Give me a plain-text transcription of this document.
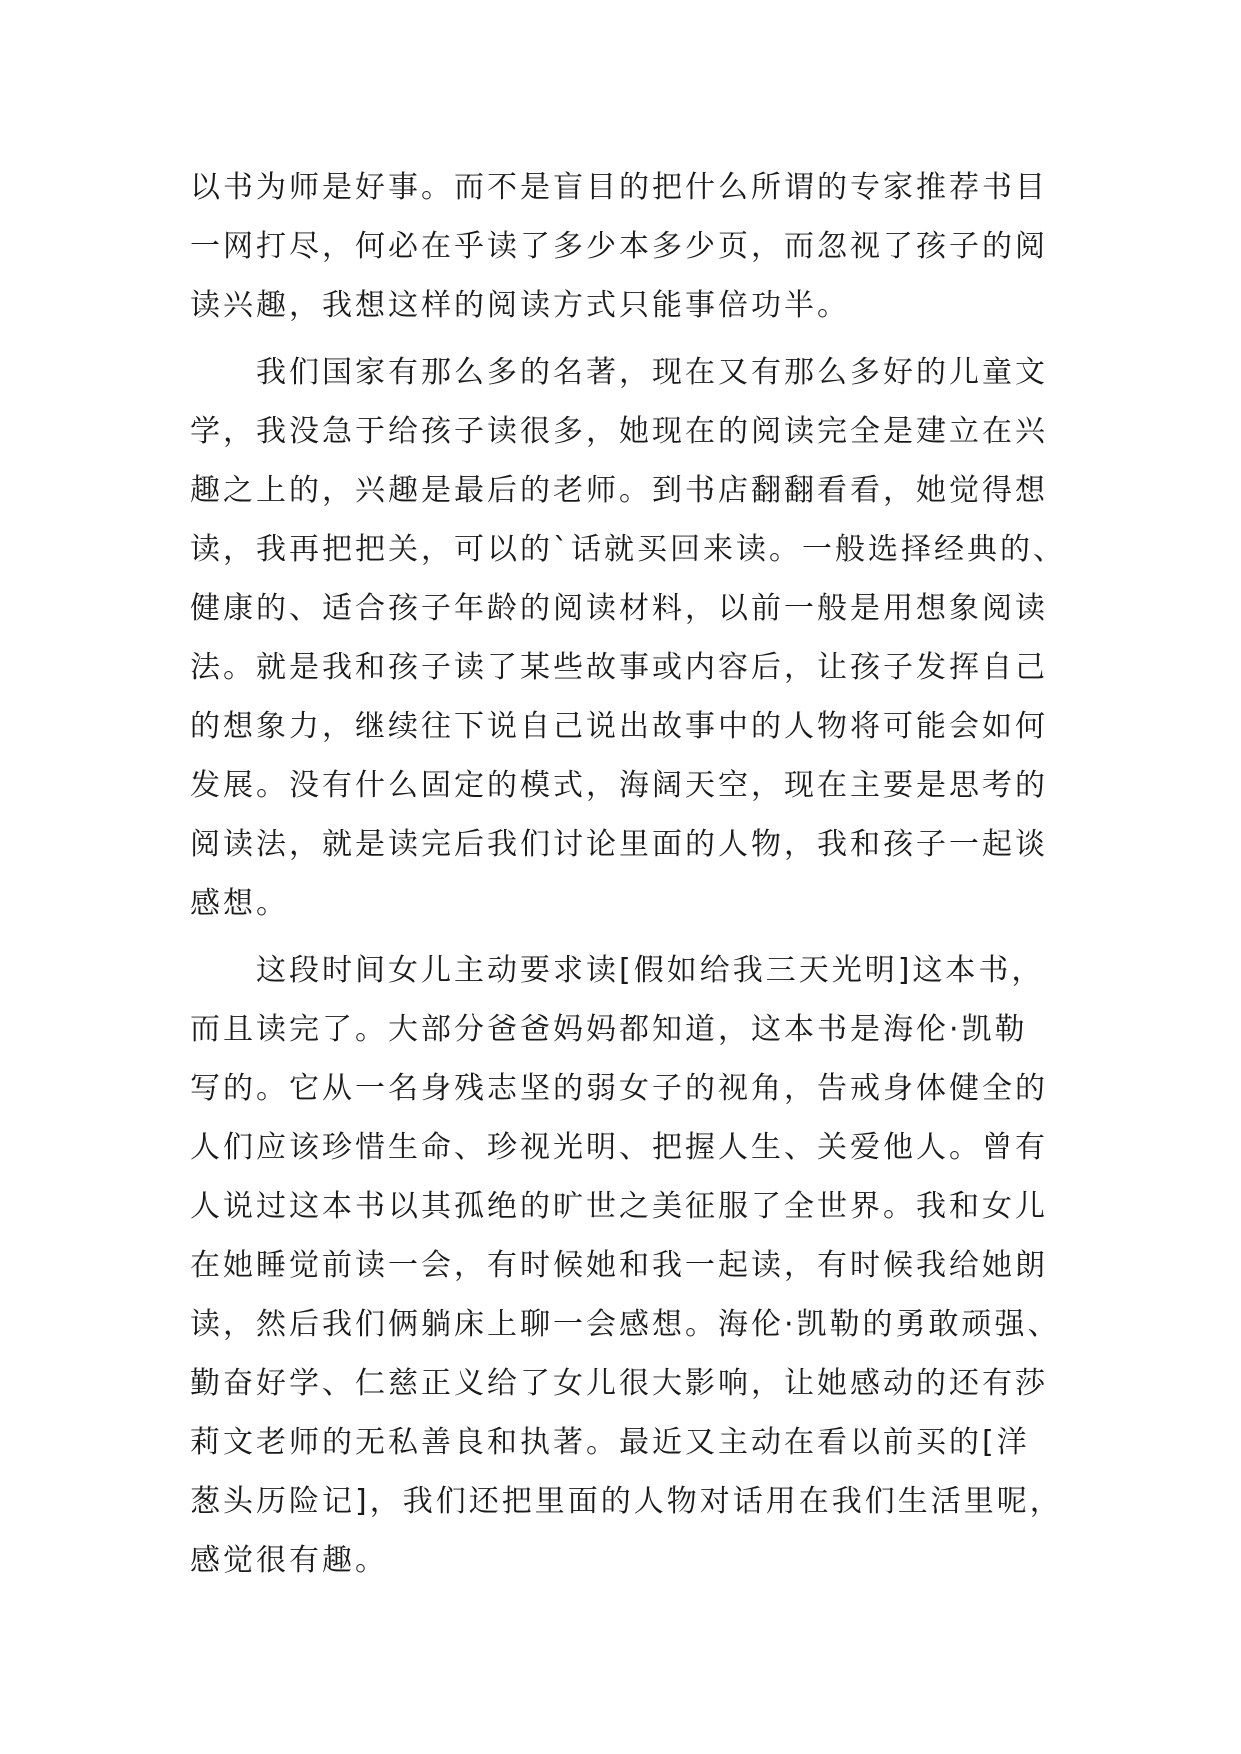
以书为师是好事。而不是盲目的把什么所谓的专家推荐书目
一网打尽，何必在乎读了多少本多少页，而忽视了孩子的阅
读兴趣，我想这样的阅读方式只能事倍功半。
我们国家有那么多的名著，现在又有那么多好的儿童文
学，我没急于给孩子读很多，她现在的阅读完全是建立在兴
趣之上的，兴趣是最后的老师。到书店翻翻看看，她觉得想
读，我再把把关，可以的`话就买回来读。一般选择经典的、
健康的、适合孩子年龄的阅读材料，以前一般是用想象阅读
法。就是我和孩子读了某些故事或内容后，让孩子发挥自己
的想象力，继续往下说自己说出故事中的人物将可能会如何
发展。没有什么固定的模式，海阔天空，现在主要是思考的
阅读法，就是读完后我们讨论里面的人物，我和孩子一起谈
感想。
这段时间女儿主动要求读[假如给我三天光明]这本书，
而且读完了。大部分爸爸妈妈都知道，这本书是海伦·凯勒
写的。它从一名身残志坚的弱女子的视角，告戒身体健全的
人们应该珍惜生命、珍视光明、把握人生、关爱他人。曾有
人说过这本书以其孤绝的旷世之美征服了全世界。我和女儿
在她睡觉前读一会，有时候她和我一起读，有时候我给她朗
读，然后我们俩躺床上聊一会感想。海伦·凯勒的勇敢顽强、
勤奋好学、仁慈正义给了女儿很大影响，让她感动的还有莎
莉文老师的无私善良和执著。最近又主动在看以前买的[洋
葱头历险记]，我们还把里面的人物对话用在我们生活里呢，
感觉很有趣。
